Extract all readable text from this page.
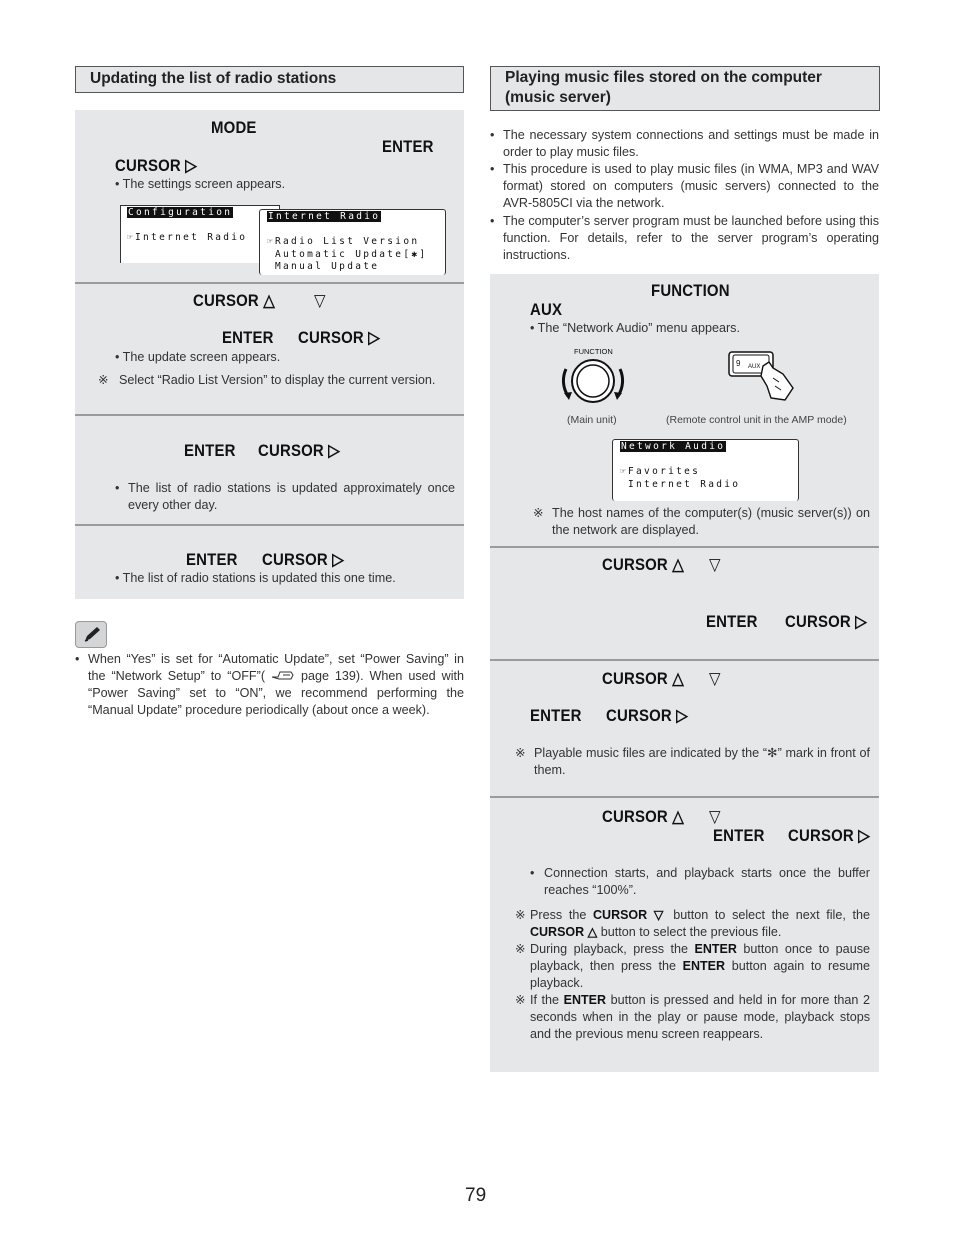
Updating the list of radio stations
MODE
ENTER
CURSOR ▷
• The settings screen appears.
Configuration

☞Internet Radio
Internet Radio

☞Radio List Version
Automatic Update[✱]
Manual Update
CURSOR △ ▽
ENTER CURSOR ▷
• The update screen appears.
※ Select “Radio List Version” to display the current version.
ENTER CURSOR ▷
• The list of radio stations is updated approximately once every other day.
ENTER CURSOR ▷
• The list of radio stations is updated this one time.
• When “Yes” is set for “Automatic Update”, set “Power Saving” in the “Network Setup” to “OFF”(	page 139). When used with “Power Saving” set to “ON”, we recommend performing the “Manual Update” procedure periodically (about once a week).
Playing music files stored on the computer (music server)
• The necessary system connections and settings must be made in order to play music files.
• This procedure is used to play music files (in WMA, MP3 and WAV format) stored on computers (music servers) connected to the AVR-5805CI via the network.
• The computer’s server program must be launched before using this function. For details, refer to the server program’s operating instructions.
FUNCTION
AUX
• The “Network Audio” menu appears.
FUNCTION
9 AUX
(Main unit)	(Remote control unit in the AMP mode)
Network Audio

☞Favorites
Internet Radio
※ The host names of the computer(s) (music server(s)) on the network are displayed.
CURSOR △ ▽
ENTER CURSOR ▷
CURSOR △ ▽
ENTER CURSOR ▷
※ Playable music files are indicated by the “✻” mark in front of them.
CURSOR △ ▽
ENTER CURSOR ▷
• Connection starts, and playback starts once the buffer reaches “100%”.
※ Press the CURSOR ▽ button to select the next file, the CURSOR △ button to select the previous file.
※ During playback, press the ENTER button once to pause playback, then press the ENTER button again to resume playback.
※ If the ENTER button is pressed and held in for more than 2 seconds when in the play or pause mode, playback stops and the previous menu screen reappears.
79
